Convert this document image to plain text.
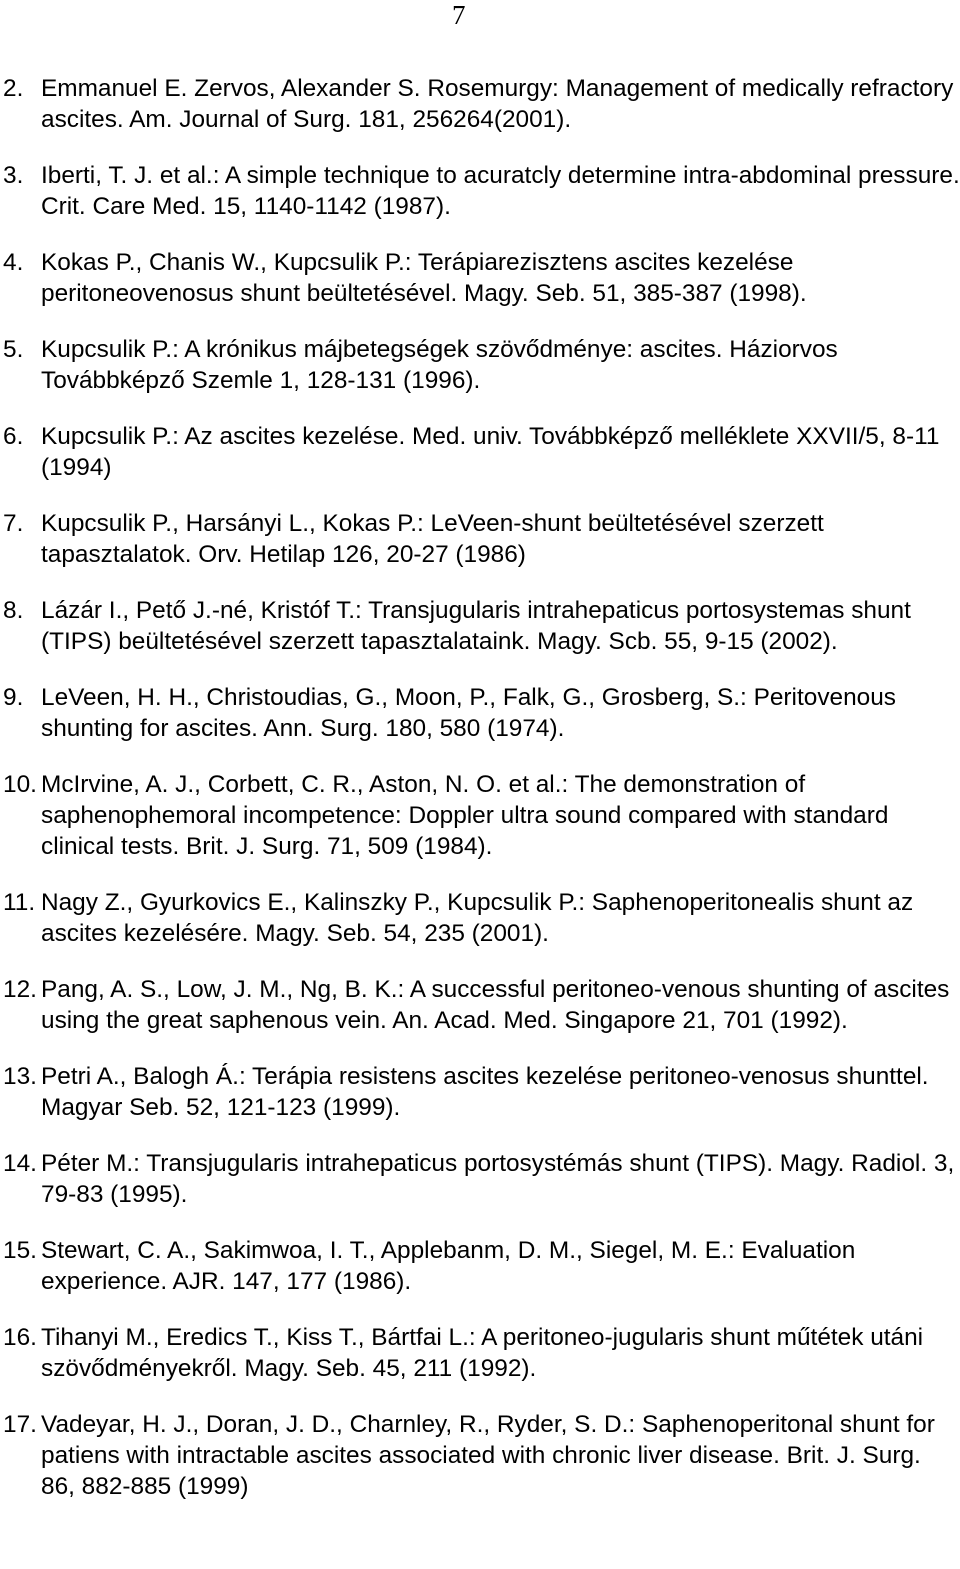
7
2. Emmanuel E. Zervos, Alexander S. Rosemurgy: Management of medically refractory ascites. Am. Journal of Surg. 181, 256264(2001).
3. Iberti, T. J. et al.: A simple technique to acuratcly determine intra-abdominal pressure. Crit. Care Med. 15, 1140-1142 (1987).
4. Kokas P., Chanis W., Kupcsulik P.: Terápiarezisztens ascites kezelése peritoneovenosus shunt beültetésével. Magy. Seb. 51, 385-387 (1998).
5. Kupcsulik P.: A krónikus májbetegségek szövődménye: ascites. Háziorvos Továbbképző Szemle 1, 128-131 (1996).
6. Kupcsulik P.: Az ascites kezelése. Med. univ. Továbbképző melléklete XXVII/5, 8-11 (1994)
7. Kupcsulik P., Harsányi L., Kokas P.: LeVeen-shunt beültetésével szerzett tapasztalatok. Orv. Hetilap 126, 20-27 (1986)
8. Lázár I., Pető J.-né, Kristóf T.: Transjugularis intrahepaticus portosystemas shunt (TIPS) beültetésével szerzett tapasztalataink. Magy. Scb. 55, 9-15 (2002).
9. LeVeen, H. H., Christoudias, G., Moon, P., Falk, G., Grosberg, S.: Peritovenous shunting for ascites. Ann. Surg. 180, 580 (1974).
10. McIrvine, A. J., Corbett, C. R., Aston, N. O. et al.: The demonstration of saphenophemoral incompetence: Doppler ultra sound compared with standard clinical tests. Brit. J. Surg. 71, 509 (1984).
11. Nagy Z., Gyurkovics E., Kalinszky P., Kupcsulik P.: Saphenoperitonealis shunt az ascites kezelésére. Magy. Seb. 54, 235 (2001).
12. Pang, A. S., Low, J. M., Ng, B. K.: A successful peritoneo-venous shunting of ascites using the great saphenous vein. An. Acad. Med. Singapore 21, 701 (1992).
13. Petri A., Balogh Á.: Terápia resistens ascites kezelése peritoneo-venosus shunttel. Magyar Seb. 52, 121-123 (1999).
14. Péter M.: Transjugularis intrahepaticus portosystémás shunt (TIPS). Magy. Radiol. 3, 79-83 (1995).
15. Stewart, C. A., Sakimwoa, I. T., Applebanm, D. M., Siegel, M. E.: Evaluation experience. AJR. 147, 177 (1986).
16. Tihanyi M., Eredics T., Kiss T., Bártfai L.: A peritoneo-jugularis shunt műtétek utáni szövődményekről. Magy. Seb. 45, 211 (1992).
17. Vadeyar, H. J., Doran, J. D., Charnley, R., Ryder, S. D.: Saphenoperitonal shunt for patiens with intractable ascites associated with chronic liver disease. Brit. J. Surg. 86, 882-885 (1999)
